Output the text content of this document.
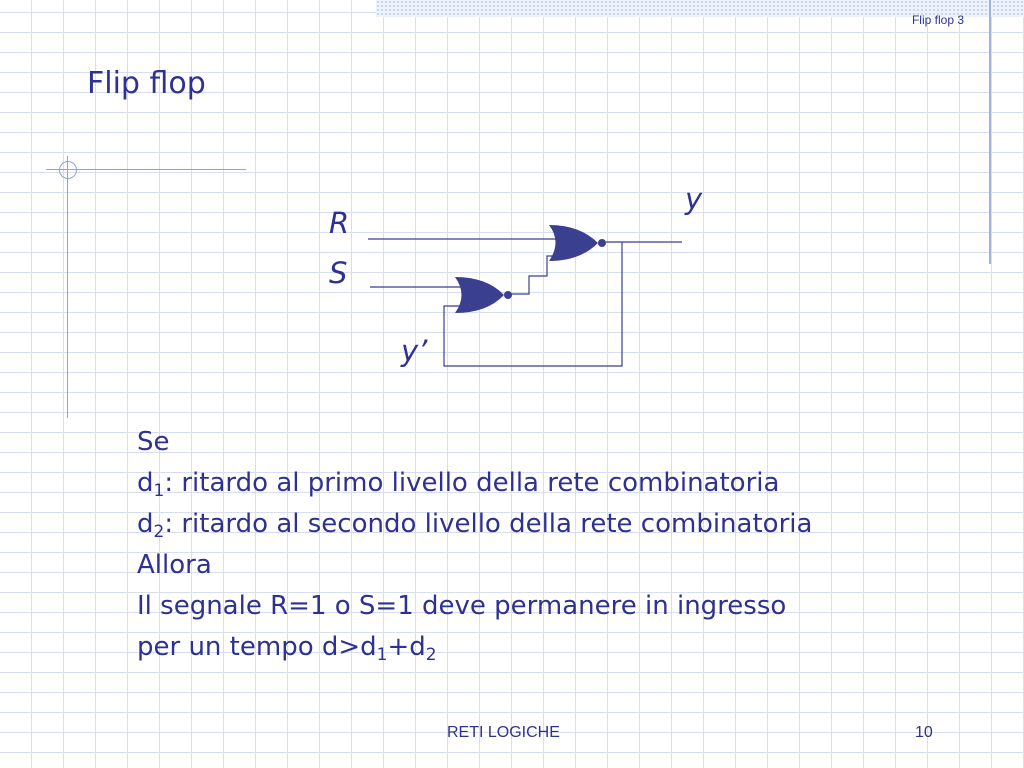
Flip flop 3
Flip flop
R
S
y
y’
Se
$d_1$: ritardo al primo livello della rete combinatoria
$d_2$: ritardo al secondo livello della rete combinatoria
Allora
Il segnale R=1 o S=1 deve permanere in ingresso
per un tempo $d>d_1+d_2$
RETI LOGICHE	10
